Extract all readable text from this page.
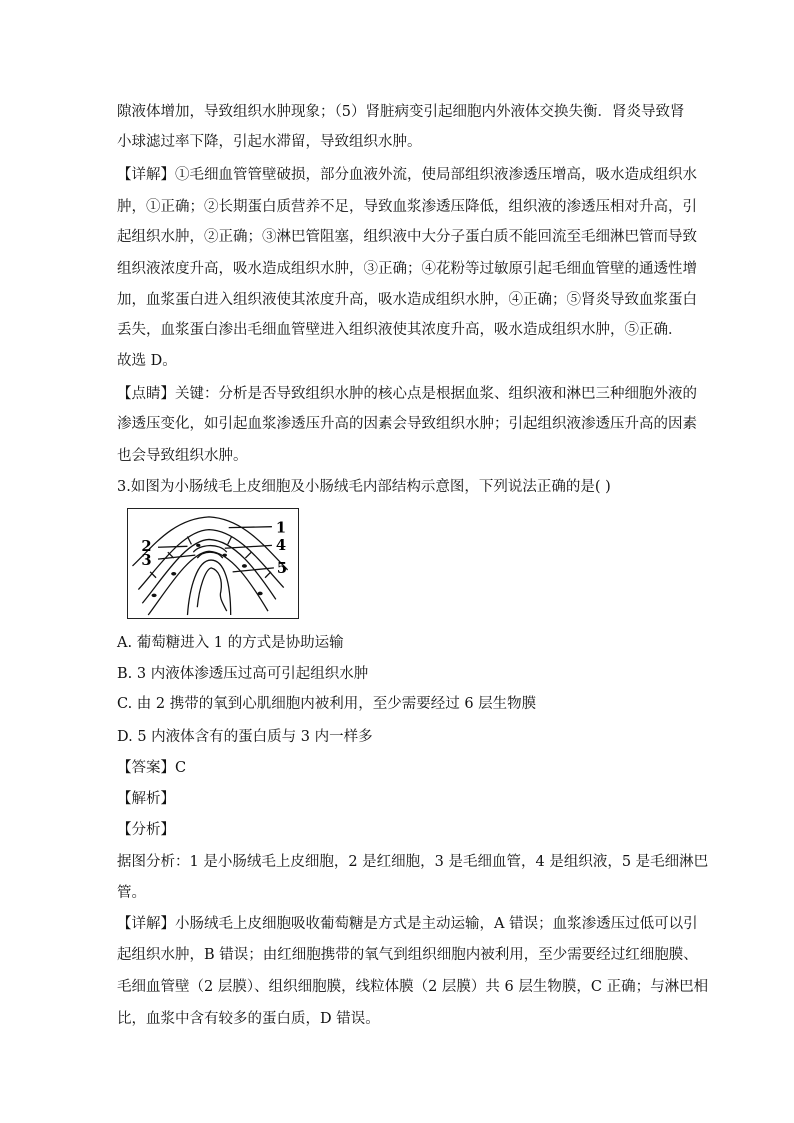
隙液体增加，导致组织水肿现象；（5）肾脏病变引起细胞内外液体交换失衡．肾炎导致肾
小球滤过率下降，引起水滞留，导致组织水肿。
【详解】①毛细血管管壁破损，部分血液外流，使局部组织液渗透压增高，吸水造成组织水
肿，①正确；②长期蛋白质营养不足，导致血浆渗透压降低，组织液的渗透压相对升高，引
起组织水肿，②正确；③淋巴管阻塞，组织液中大分子蛋白质不能回流至毛细淋巴管而导致
组织液浓度升高，吸水造成组织水肿，③正确；④花粉等过敏原引起毛细血管壁的通透性增
加，血浆蛋白进入组织液使其浓度升高，吸水造成组织水肿，④正确；⑤肾炎导致血浆蛋白
丢失，血浆蛋白渗出毛细血管壁进入组织液使其浓度升高，吸水造成组织水肿，⑤正确．
故选 D。
【点睛】关键：分析是否导致组织水肿的核心点是根据血浆、组织液和淋巴三种细胞外液的
渗透压变化，如引起血浆渗透压升高的因素会导致组织水肿；引起组织液渗透压升高的因素
也会导致组织水肿。
3.如图为小肠绒毛上皮细胞及小肠绒毛内部结构示意图，下列说法正确的是( )
1
2
3
4
5
A. 葡萄糖进入 1 的方式是协助运输
B. 3 内液体渗透压过高可引起组织水肿
C. 由 2 携带的氧到心肌细胞内被利用，至少需要经过 6 层生物膜
D. 5 内液体含有的蛋白质与 3 内一样多
【答案】C
【解析】
【分析】
据图分析：1 是小肠绒毛上皮细胞，2 是红细胞，3 是毛细血管，4 是组织液，5 是毛细淋巴
管。
【详解】小肠绒毛上皮细胞吸收葡萄糖是方式是主动运输，A 错误；血浆渗透压过低可以引
起组织水肿，B 错误；由红细胞携带的氧气到组织细胞内被利用，至少需要经过红细胞膜、
毛细血管壁（2 层膜）、组织细胞膜，线粒体膜（2 层膜）共 6 层生物膜，C 正确；与淋巴相
比，血浆中含有较多的蛋白质，D 错误。
